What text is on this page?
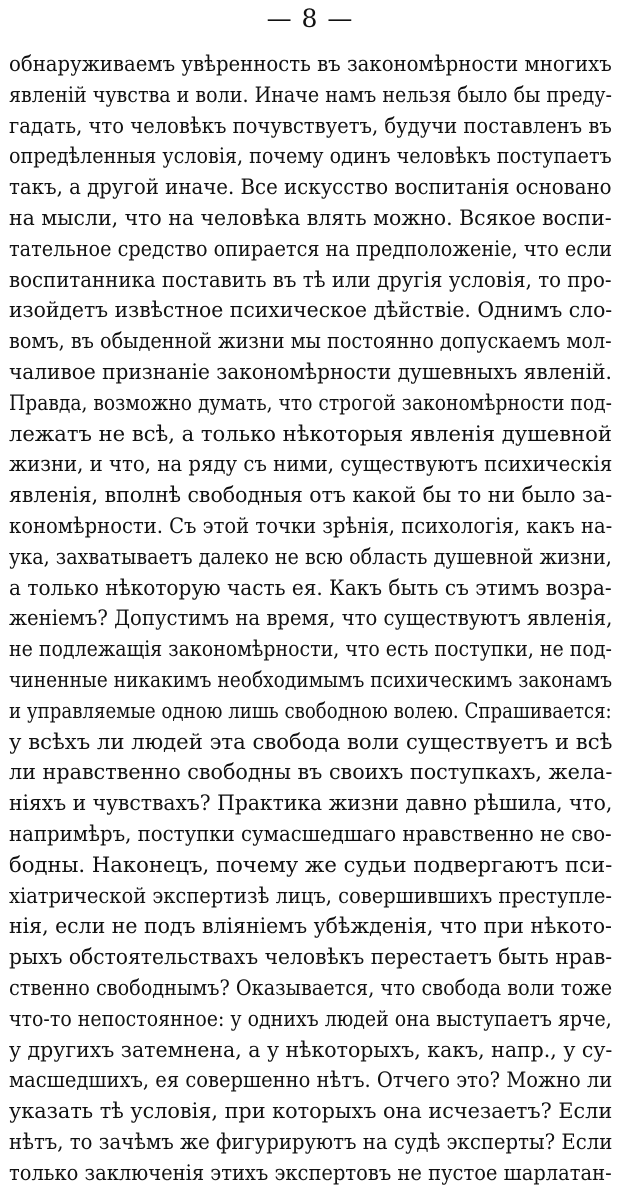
— 8 —
обнаруживаемъ увѣренность въ закономѣрности многихъ
явленій чувства и воли. Иначе намъ нельзя было бы преду-
гадать, что человѣкъ почувствуетъ, будучи поставленъ въ
опредѣленныя условія, почему одинъ человѣкъ поступаетъ
такъ, а другой иначе. Все искусство воспитанія основано
на мысли, что на человѣка влять можно. Всякое воспи-
тательное средство опирается на предположеніе, что если
воспитанника поставить въ тѣ или другія условія, то про-
изойдетъ извѣстное психическое дѣйствіе. Однимъ сло-
вомъ, въ обыденной жизни мы постоянно допускаемъ мол-
чаливое признаніе закономѣрности душевныхъ явленій.
Правда, возможно думать, что строгой закономѣрности под-
лежатъ не всѣ, а только нѣкоторыя явленія душевной
жизни, и что, на ряду съ ними, существуютъ психическія
явленія, вполнѣ свободныя отъ какой бы то ни было за-
кономѣрности. Съ этой точки зрѣнія, психологія, какъ на-
ука, захватываетъ далеко не всю область душевной жизни,
а только нѣкоторую часть ея. Какъ быть съ этимъ возра-
женіемъ? Допустимъ на время, что существуютъ явленія,
не подлежащія закономѣрности, что есть поступки, не под-
чиненные никакимъ необходимымъ психическимъ законамъ
и управляемые одною лишь свободною волею. Спрашивается:
у всѣхъ ли людей эта свобода воли существуетъ и всѣ
ли нравственно свободны въ своихъ поступкахъ, жела-
ніяхъ и чувствахъ? Практика жизни давно рѣшила, что,
напримѣръ, поступки сумасшедшаго нравственно не сво-
бодны. Наконецъ, почему же судьи подвергаютъ пси-
хіатрической экспертизѣ лицъ, совершившихъ преступле-
нія, если не подъ вліяніемъ убѣжденія, что при нѣкото-
рыхъ обстоятельствахъ человѣкъ перестаетъ быть нрав-
ственно свободнымъ? Оказывается, что свобода воли тоже
что-то непостоянное: у однихъ людей она выступаетъ ярче,
у другихъ затемнена, а у нѣкоторыхъ, какъ, напр., у су-
масшедшихъ, ея совершенно нѣтъ. Отчего это? Можно ли
указать тѣ условія, при которыхъ она исчезаетъ? Если
нѣтъ, то зачѣмъ же фигурируютъ на судѣ эксперты? Если
только заключенія этихъ экспертовъ не пустое шарлатан-
